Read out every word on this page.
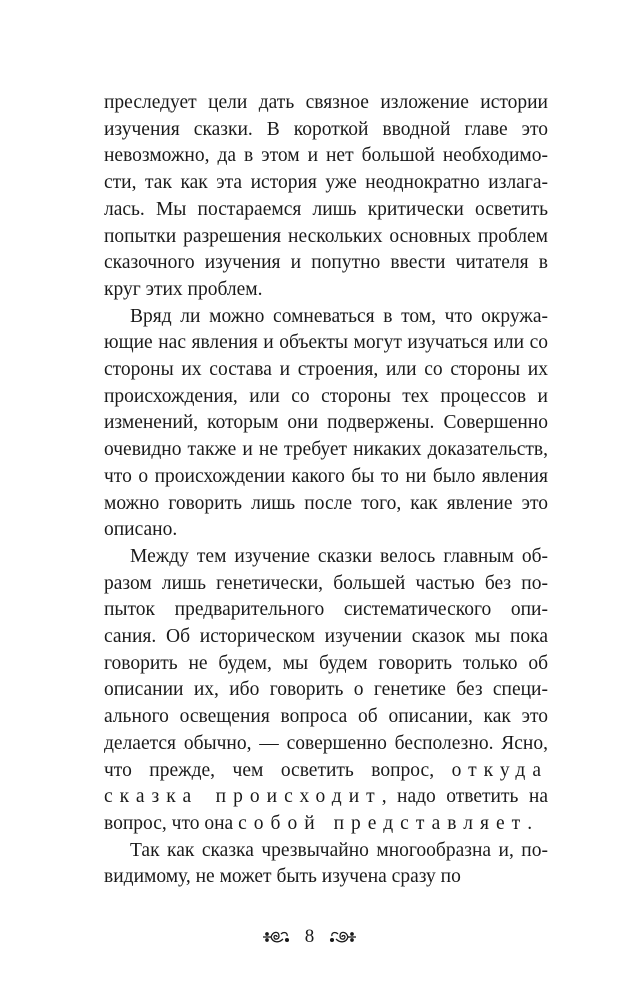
преследует цели дать связное изложение истории изучения сказки. В короткой вводной главе это невозможно, да в этом и нет большой необходимости, так как эта история уже неоднократно излагалась. Мы постараемся лишь критически осветить попытки разрешения нескольких основных проблем сказочного изучения и попутно ввести читателя в круг этих проблем.

Вряд ли можно сомневаться в том, что окружающие нас явления и объекты могут изучаться или со стороны их состава и строения, или со стороны их происхождения, или со стороны тех процессов и изменений, которым они подвержены. Совершенно очевидно также и не требует никаких доказательств, что о происхождении какого бы то ни было явления можно говорить лишь после того, как явление это описано.

Между тем изучение сказки велось главным образом лишь генетически, большей частью без попыток предварительного систематического описания. Об историческом изучении сказок мы пока говорить не будем, мы будем говорить только об описании их, ибо говорить о генетике без специального освещения вопроса об описании, как это делается обычно, — совершенно бесполезно. Ясно, что прежде, чем осветить вопрос, откуда сказка происходит, надо ответить на вопрос, что она собой представляет.

Так как сказка чрезвычайно многообразна и, по-видимому, не может быть изучена сразу по

8
